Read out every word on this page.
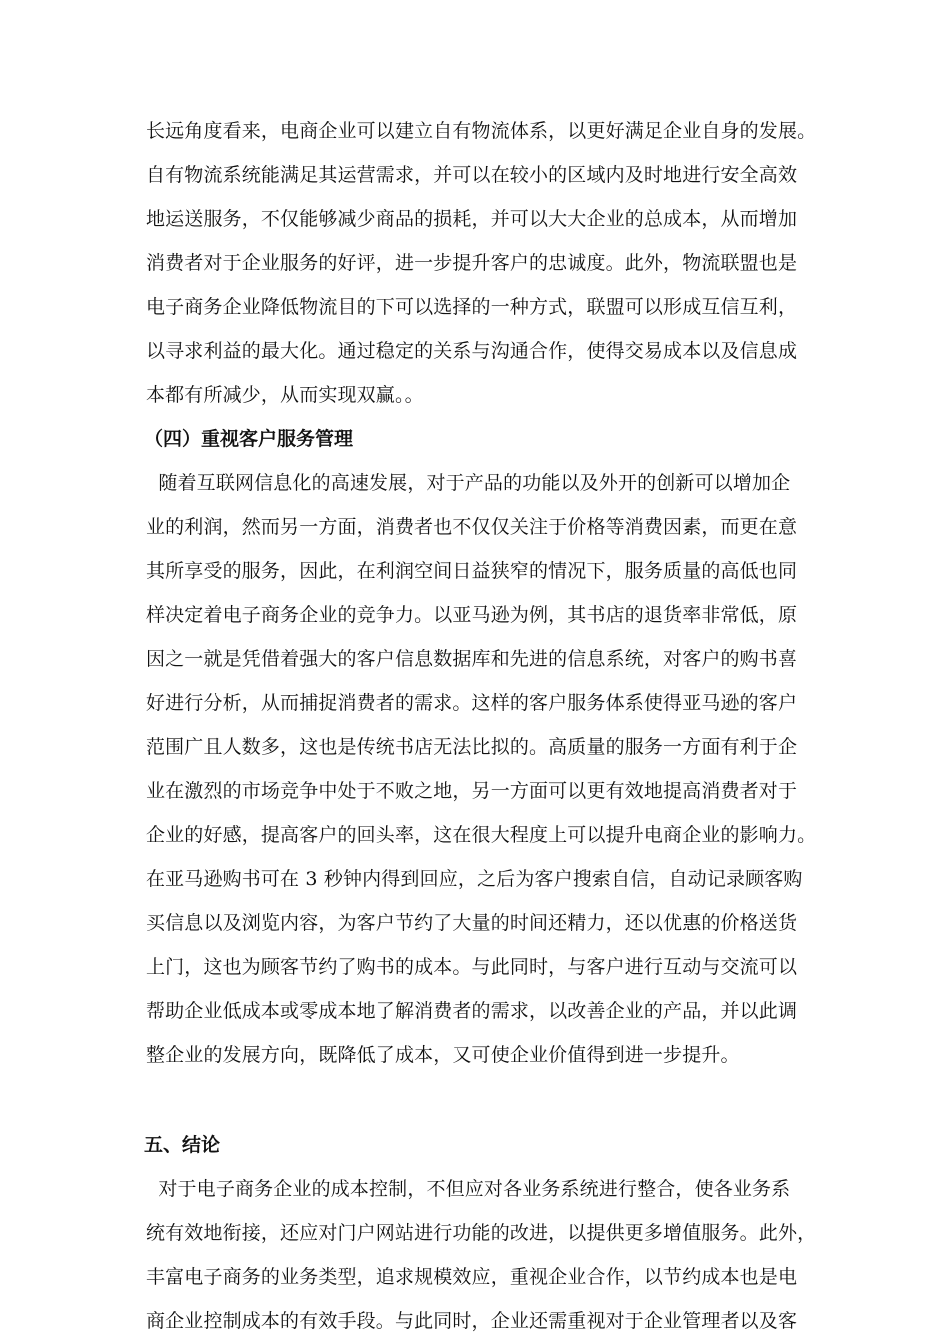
长远角度看来，电商企业可以建立自有物流体系，以更好满足企业自身的发展。
自有物流系统能满足其运营需求，并可以在较小的区域内及时地进行安全高效
地运送服务，不仅能够减少商品的损耗，并可以大大企业的总成本，从而增加
消费者对于企业服务的好评，进一步提升客户的忠诚度。此外，物流联盟也是
电子商务企业降低物流目的下可以选择的一种方式，联盟可以形成互信互利，
以寻求利益的最大化。通过稳定的关系与沟通合作，使得交易成本以及信息成
本都有所减少，从而实现双赢。。
（四）重视客户服务管理
随着互联网信息化的高速发展，对于产品的功能以及外开的创新可以增加企
业的利润，然而另一方面，消费者也不仅仅关注于价格等消费因素，而更在意
其所享受的服务，因此，在利润空间日益狭窄的情况下，服务质量的高低也同
样决定着电子商务企业的竞争力。以亚马逊为例，其书店的退货率非常低，原
因之一就是凭借着强大的客户信息数据库和先进的信息系统，对客户的购书喜
好进行分析，从而捕捉消费者的需求。这样的客户服务体系使得亚马逊的客户
范围广且人数多，这也是传统书店无法比拟的。高质量的服务一方面有利于企
业在激烈的市场竞争中处于不败之地，另一方面可以更有效地提高消费者对于
企业的好感，提高客户的回头率，这在很大程度上可以提升电商企业的影响力。
在亚马逊购书可在 3 秒钟内得到回应，之后为客户搜索自信，自动记录顾客购
买信息以及浏览内容，为客户节约了大量的时间还精力，还以优惠的价格送货
上门，这也为顾客节约了购书的成本。与此同时，与客户进行互动与交流可以
帮助企业低成本或零成本地了解消费者的需求，以改善企业的产品，并以此调
整企业的发展方向，既降低了成本，又可使企业价值得到进一步提升。
五、结论
对于电子商务企业的成本控制，不但应对各业务系统进行整合，使各业务系
统有效地衔接，还应对门户网站进行功能的改进，以提供更多增值服务。此外，
丰富电子商务的业务类型，追求规模效应，重视企业合作，以节约成本也是电
商企业控制成本的有效手段。与此同时，企业还需重视对于企业管理者以及客
